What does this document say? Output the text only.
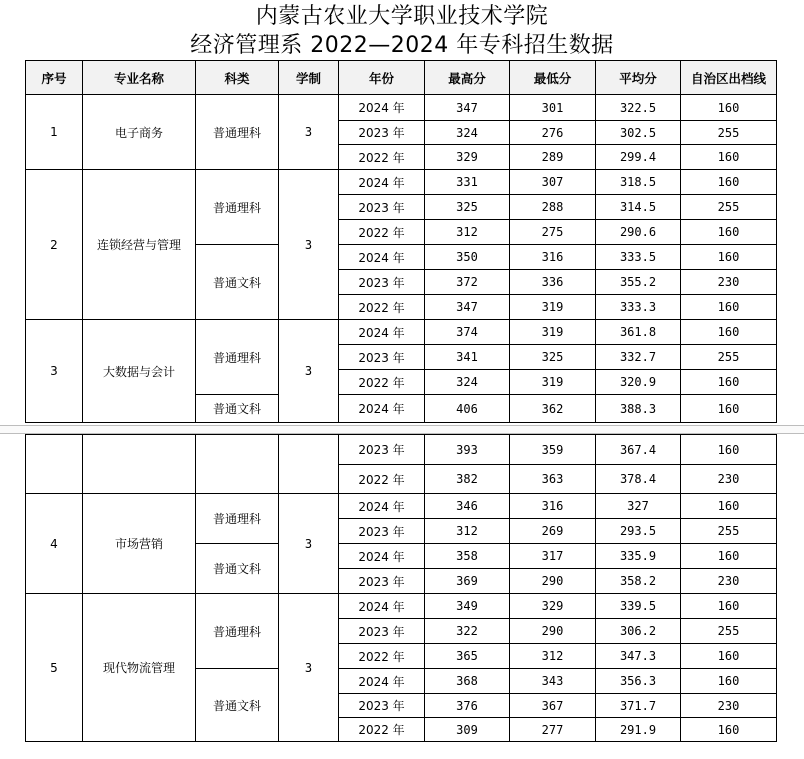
内蒙古农业大学职业技术学院
经济管理系 2022—2024 年专科招生数据
序号	专业名称	科类	学制	年份	最高分	最低分	平均分	自治区出档线
1	电子商务	普通理科	3	2024 年	347	301	322.5	160
				2023 年	324	276	302.5	255
				2022 年	329	289	299.4	160
2	连锁经营与管理	普通理科	3	2024 年	331	307	318.5	160
				2023 年	325	288	314.5	255
				2022 年	312	275	290.6	160
		普通文科		2024 年	350	316	333.5	160
				2023 年	372	336	355.2	230
				2022 年	347	319	333.3	160
3	大数据与会计	普通理科	3	2024 年	374	319	361.8	160
				2023 年	341	325	332.7	255
				2022 年	324	319	320.9	160
		普通文科		2024 年	406	362	388.3	160
				2023 年	393	359	367.4	160
				2022 年	382	363	378.4	230
4	市场营销	普通理科	3	2024 年	346	316	327	160
				2023 年	312	269	293.5	255
		普通文科		2024 年	358	317	335.9	160
				2023 年	369	290	358.2	230
5	现代物流管理	普通理科	3	2024 年	349	329	339.5	160
				2023 年	322	290	306.2	255
				2022 年	365	312	347.3	160
		普通文科		2024 年	368	343	356.3	160
				2023 年	376	367	371.7	230
				2022 年	309	277	291.9	160
